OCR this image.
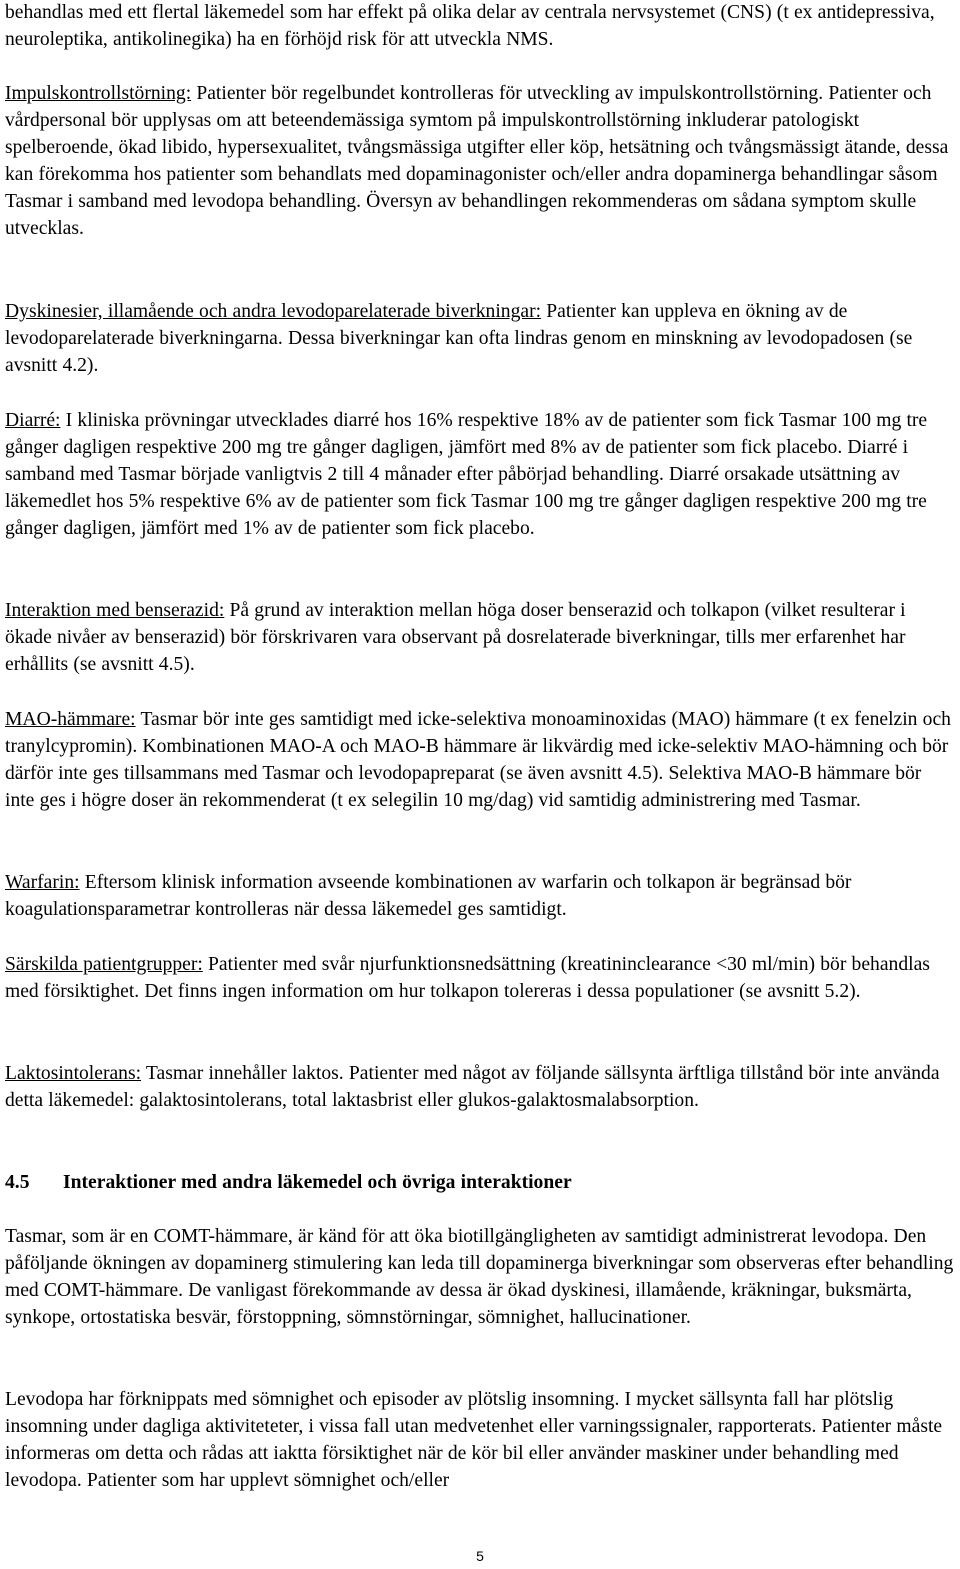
behandlas med ett flertal läkemedel som har effekt på olika delar av centrala nervsystemet (CNS) (t ex antidepressiva, neuroleptika, antikolinegika) ha en förhöjd risk för att utveckla NMS.

Impulskontrollstörning: Patienter bör regelbundet kontrolleras för utveckling av impulskontrollstörning. Patienter och vårdpersonal bör upplysas om att beteendemässiga symtom på impulskontrollstörning inkluderar patologiskt spelberoende, ökad libido, hypersexualitet, tvångsmässiga utgifter eller köp, hetsätning och tvångsmässigt ätande, dessa kan förekomma hos patienter som behandlats med dopaminagonister och/eller andra dopaminerga behandlingar såsom Tasmar i samband med levodopa behandling. Översyn av behandlingen rekommenderas om sådana symptom skulle utvecklas.

Dyskinesier, illamående och andra levodoparelaterade biverkningar: Patienter kan uppleva en ökning av de levodoparelaterade biverkningarna. Dessa biverkningar kan ofta lindras genom en minskning av levodopadosen (se avsnitt 4.2).

Diarré: I kliniska prövningar utvecklades diarré hos 16% respektive 18% av de patienter som fick Tasmar 100 mg tre gånger dagligen respektive 200 mg tre gånger dagligen, jämfört med 8% av de patienter som fick placebo. Diarré i samband med Tasmar började vanligtvis 2 till 4 månader efter påbörjad behandling. Diarré orsakade utsättning av läkemedlet hos 5% respektive 6% av de patienter som fick Tasmar 100 mg tre gånger dagligen respektive 200 mg tre gånger dagligen, jämfört med 1% av de patienter som fick placebo.

Interaktion med benserazid: På grund av interaktion mellan höga doser benserazid och tolkapon (vilket resulterar i ökade nivåer av benserazid) bör förskrivaren vara observant på dosrelaterade biverkningar, tills mer erfarenhet har erhållits (se avsnitt 4.5).

MAO-hämmare: Tasmar bör inte ges samtidigt med icke-selektiva monoaminoxidas (MAO) hämmare (t ex fenelzin och tranylcypromin). Kombinationen MAO-A och MAO-B hämmare är likvärdig med icke-selektiv MAO-hämning och bör därför inte ges tillsammans med Tasmar och levodopapreparat (se även avsnitt 4.5). Selektiva MAO-B hämmare bör inte ges i högre doser än rekommenderat (t ex selegilin 10 mg/dag) vid samtidig administrering med Tasmar.

Warfarin: Eftersom klinisk information avseende kombinationen av warfarin och tolkapon är begränsad bör koagulationsparametrar kontrolleras när dessa läkemedel ges samtidigt.

Särskilda patientgrupper: Patienter med svår njurfunktionsnedsättning (kreatininclearance <30 ml/min) bör behandlas med försiktighet. Det finns ingen information om hur tolkapon tolereras i dessa populationer (se avsnitt 5.2).

Laktosintolerans: Tasmar innehåller laktos. Patienter med något av följande sällsynta ärftliga tillstånd bör inte använda detta läkemedel: galaktosintolerans, total laktasbrist eller glukos-galaktosmalabsorption.

4.5	Interaktioner med andra läkemedel och övriga interaktioner

Tasmar, som är en COMT-hämmare, är känd för att öka biotillgängligheten av samtidigt administrerat levodopa. Den påföljande ökningen av dopaminerg stimulering kan leda till dopaminerga biverkningar som observeras efter behandling med COMT-hämmare. De vanligast förekommande av dessa är ökad dyskinesi, illamående, kräkningar, buksmärta, synkope, ortostatiska besvär, förstoppning, sömnstörningar, sömnighet, hallucinationer.

Levodopa har förknippats med sömnighet och episoder av plötslig insomning. I mycket sällsynta fall har plötslig insomning under dagliga aktiviteteter, i vissa fall utan medvetenhet eller varningssignaler, rapporterats. Patienter måste informeras om detta och rådas att iaktta försiktighet när de kör bil eller använder maskiner under behandling med levodopa. Patienter som har upplevt sömnighet och/eller

5
